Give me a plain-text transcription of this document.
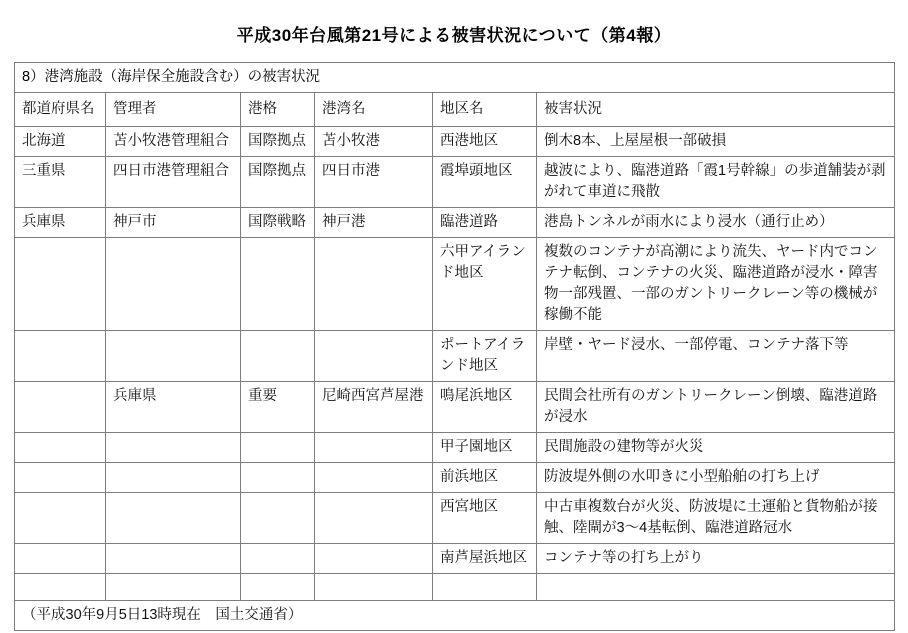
平成30年台風第21号による被害状況について（第4報）
8）港湾施設（海岸保全施設含む）の被害状況					
都道府県名	管理者	港格	港湾名	地区名	被害状況
北海道	苫小牧港管理組合	国際拠点	苫小牧港	西港地区	倒木8本、上屋屋根一部破損
三重県	四日市港管理組合	国際拠点	四日市港	霞埠頭地区	越波により、臨港道路「霞1号幹線」の歩道舗装が剥がれて車道に飛散
兵庫県	神戸市	国際戦略	神戸港	臨港道路	港島トンネルが雨水により浸水（通行止め）
				六甲アイランド地区	複数のコンテナが高潮により流失、ヤード内でコンテナ転倒、コンテナの火災、臨港道路が浸水・障害物一部残置、一部のガントリークレーン等の機械が稼働不能
				ポートアイランド地区	岸壁・ヤード浸水、一部停電、コンテナ落下等
	兵庫県	重要	尼崎西宮芦屋港	鳴尾浜地区	民間会社所有のガントリークレーン倒壊、臨港道路が浸水
				甲子園地区	民間施設の建物等が火災
				前浜地区	防波堤外側の水叩きに小型船舶の打ち上げ
				西宮地区	中古車複数台が火災、防波堤に土運船と貨物船が接触、陸閘が3〜4基転倒、臨港道路冠水
				南芦屋浜地区	コンテナ等の打ち上がり

（平成30年9月5日13時現在　国土交通省）					
